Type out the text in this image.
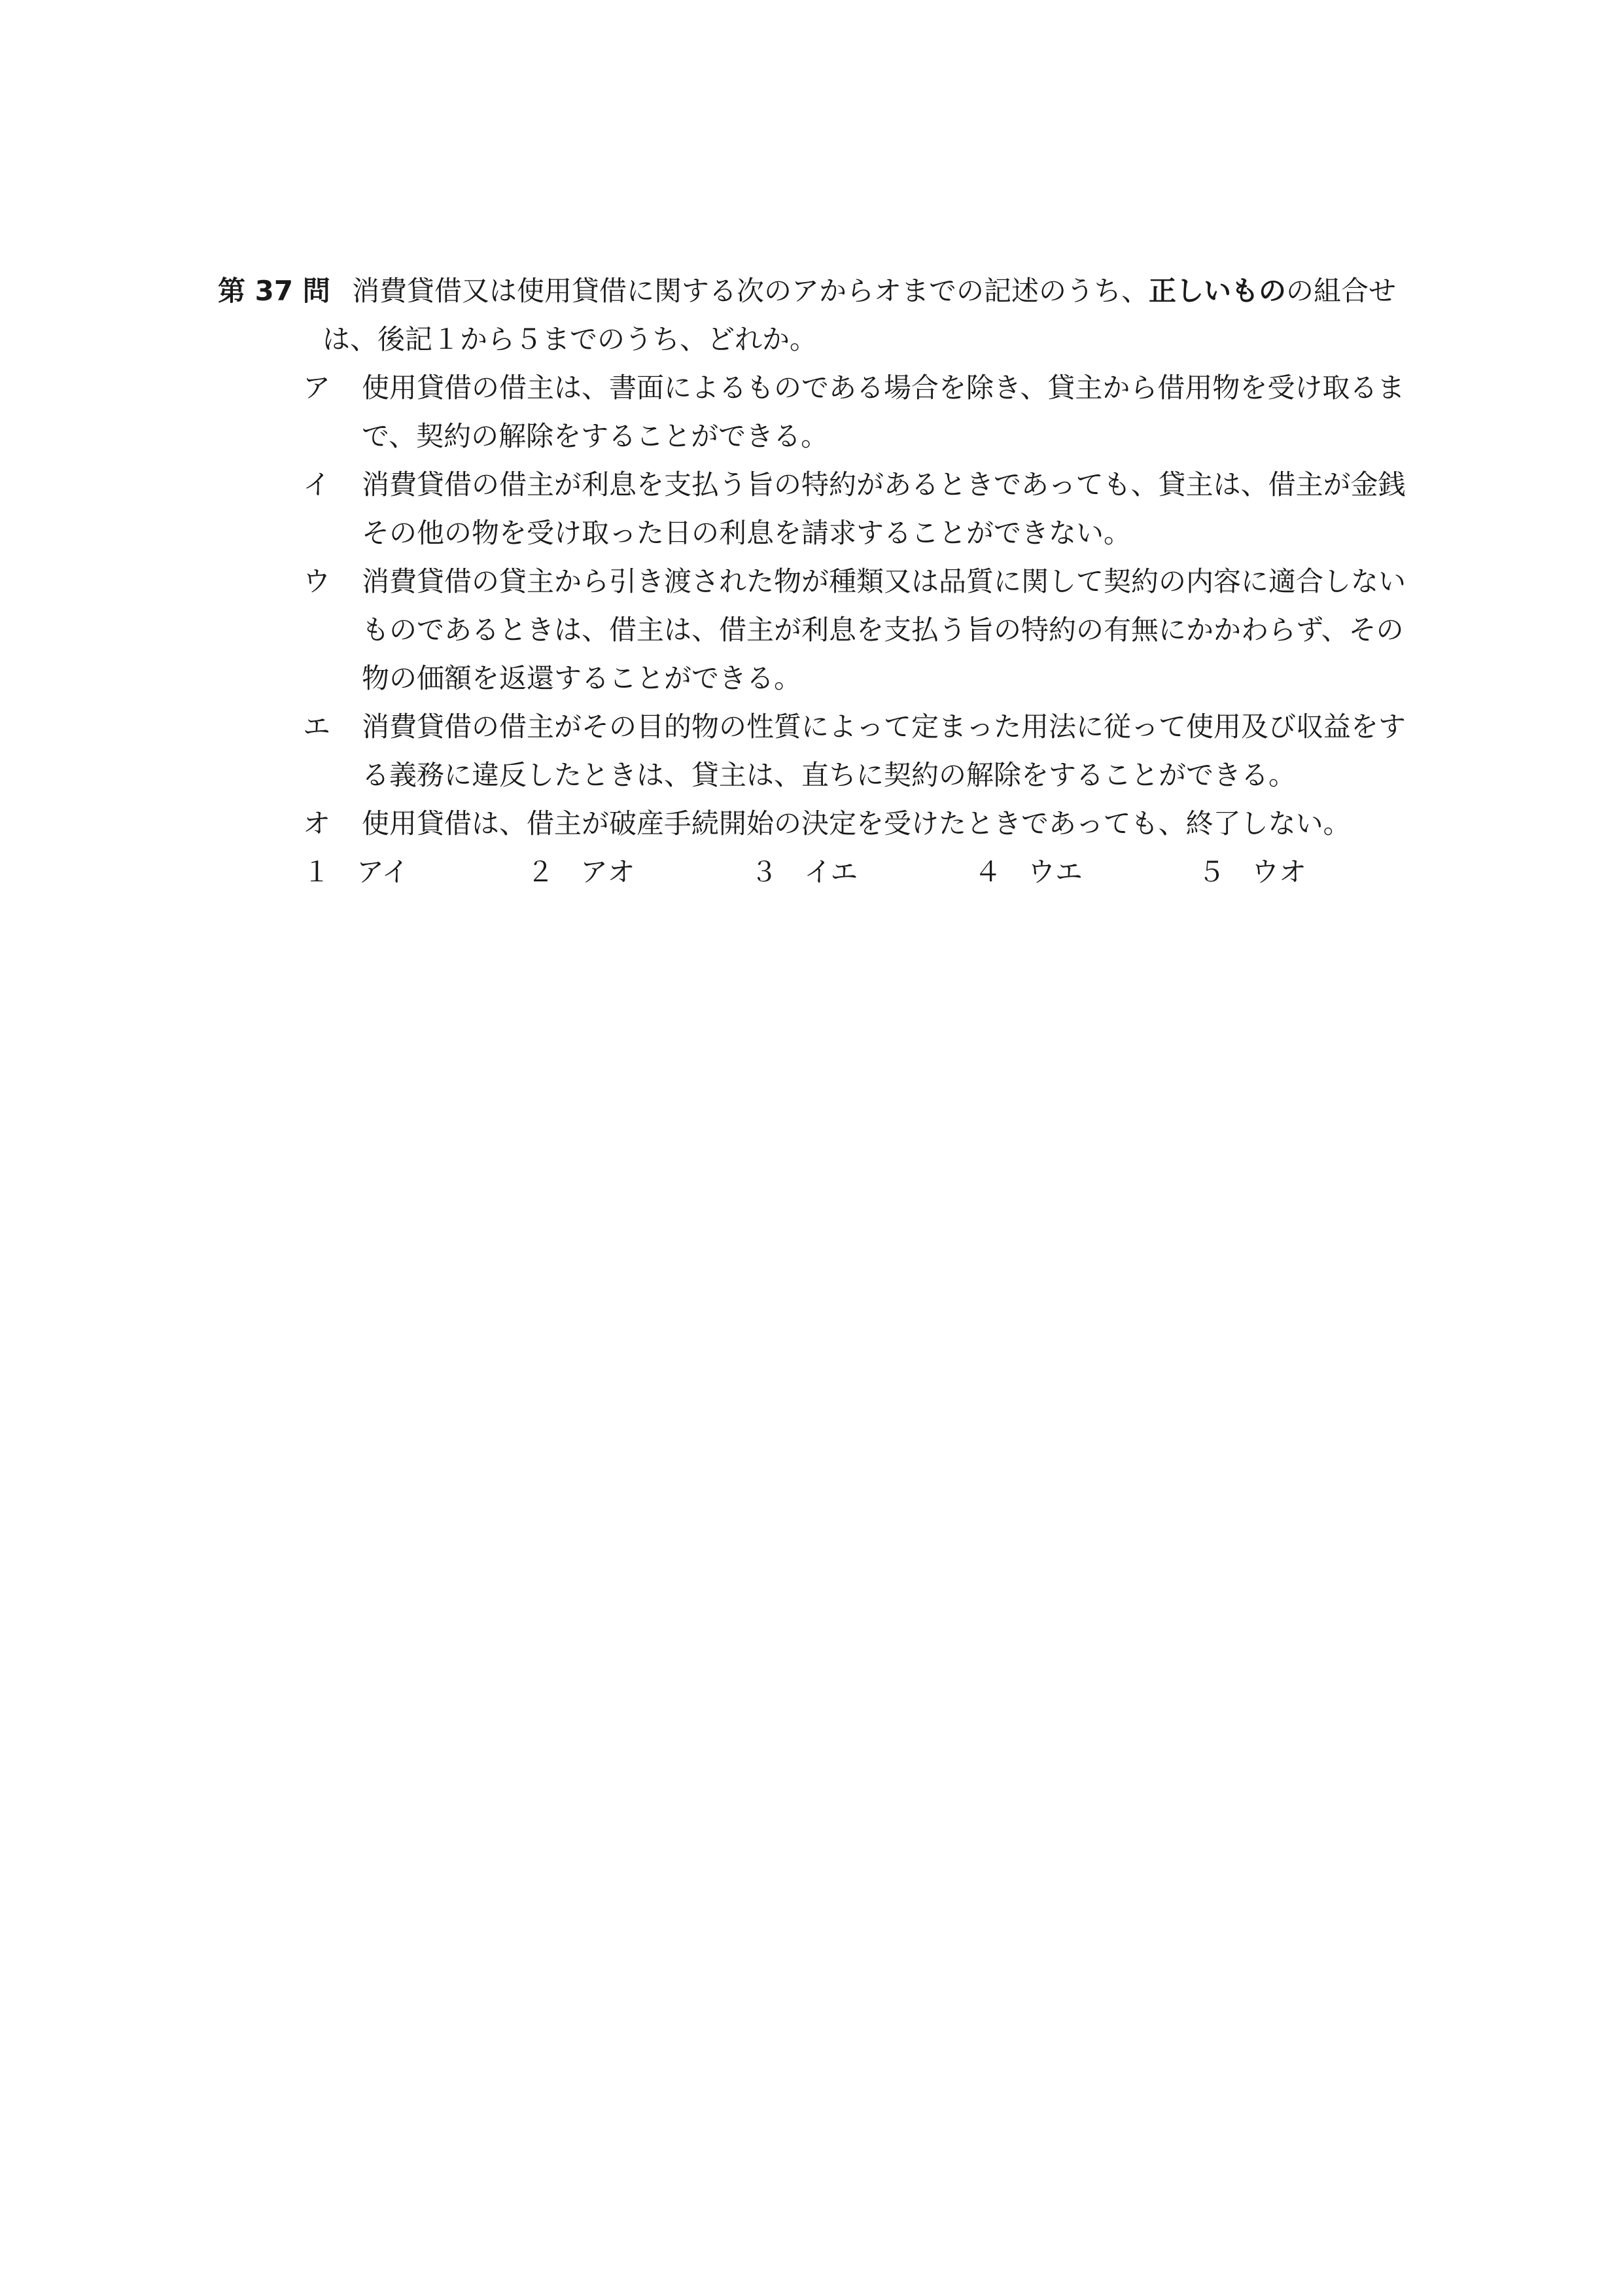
第 37 問 消費貸借又は使用貸借に関する次のアからオまでの記述のうち、正しいものの組合せは、後記１から５までのうち、どれか。
ア 使用貸借の借主は、書面によるものである場合を除き、貸主から借用物を受け取るまで、契約の解除をすることができる。
イ 消費貸借の借主が利息を支払う旨の特約があるときであっても、貸主は、借主が金銭その他の物を受け取った日の利息を請求することができない。
ウ 消費貸借の貸主から引き渡された物が種類又は品質に関して契約の内容に適合しないものであるときは、借主は、借主が利息を支払う旨の特約の有無にかかわらず、その物の価額を返還することができる。
エ 消費貸借の借主がその目的物の性質によって定まった用法に従って使用及び収益をする義務に違反したときは、貸主は、直ちに契約の解除をすることができる。
オ 使用貸借は、借主が破産手続開始の決定を受けたときであっても、終了しない。
１ アイ	２ アオ	３ イエ	４ ウエ	５ ウオ
